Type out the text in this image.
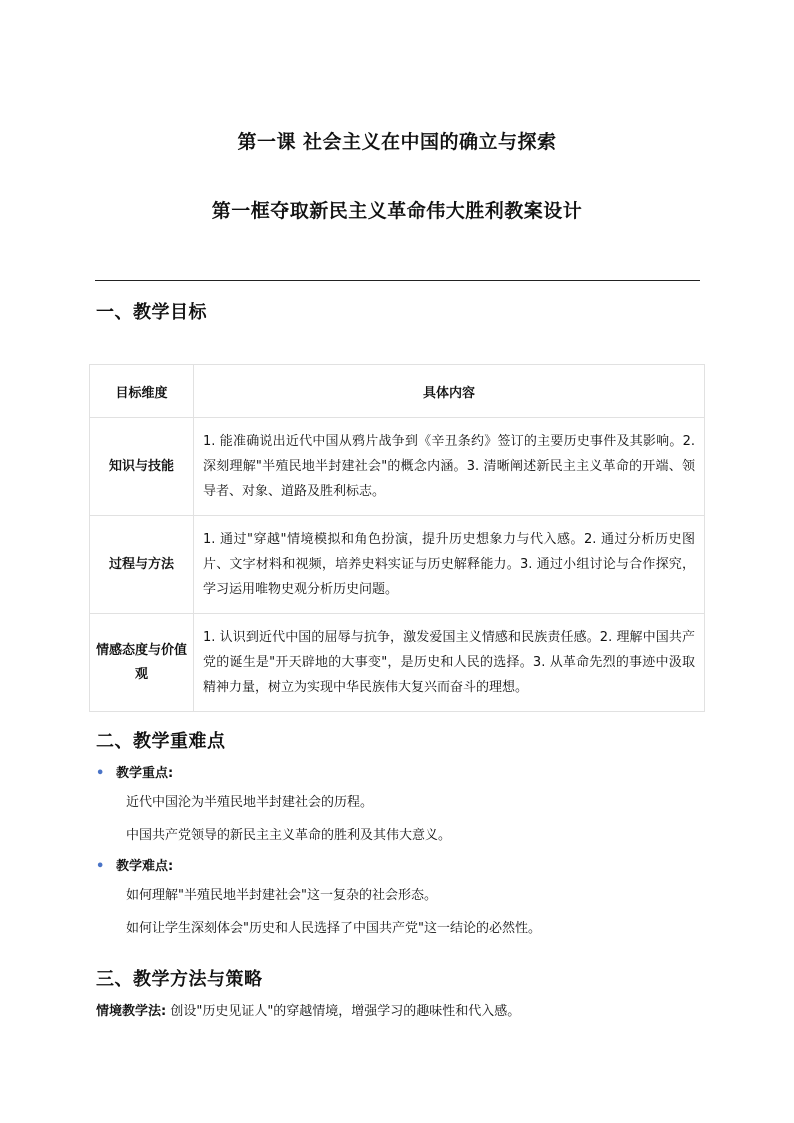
第一课 社会主义在中国的确立与探索
第一框夺取新民主义革命伟大胜利教案设计
一、教学目标
目标维度	具体内容
知识与技能	1. 能准确说出近代中国从鸦片战争到《辛丑条约》签订的主要历史事件及其影响。2. 深刻理解"半殖民地半封建社会"的概念内涵。3. 清晰阐述新民主主义革命的开端、领导者、对象、道路及胜利标志。
过程与方法	1. 通过"穿越"情境模拟和角色扮演，提升历史想象力与代入感。2. 通过分析历史图片、文字材料和视频，培养史料实证与历史解释能力。3. 通过小组讨论与合作探究，学习运用唯物史观分析历史问题。
情感态度与价值观	1. 认识到近代中国的屈辱与抗争，激发爱国主义情感和民族责任感。2. 理解中国共产党的诞生是"开天辟地的大事变"，是历史和人民的选择。3. 从革命先烈的事迹中汲取精神力量，树立为实现中华民族伟大复兴而奋斗的理想。
二、教学重难点
• 教学重点:
近代中国沦为半殖民地半封建社会的历程。
中国共产党领导的新民主主义革命的胜利及其伟大意义。
• 教学难点:
如何理解"半殖民地半封建社会"这一复杂的社会形态。
如何让学生深刻体会"历史和人民选择了中国共产党"这一结论的必然性。
三、教学方法与策略
情境教学法: 创设"历史见证人"的穿越情境，增强学习的趣味性和代入感。
